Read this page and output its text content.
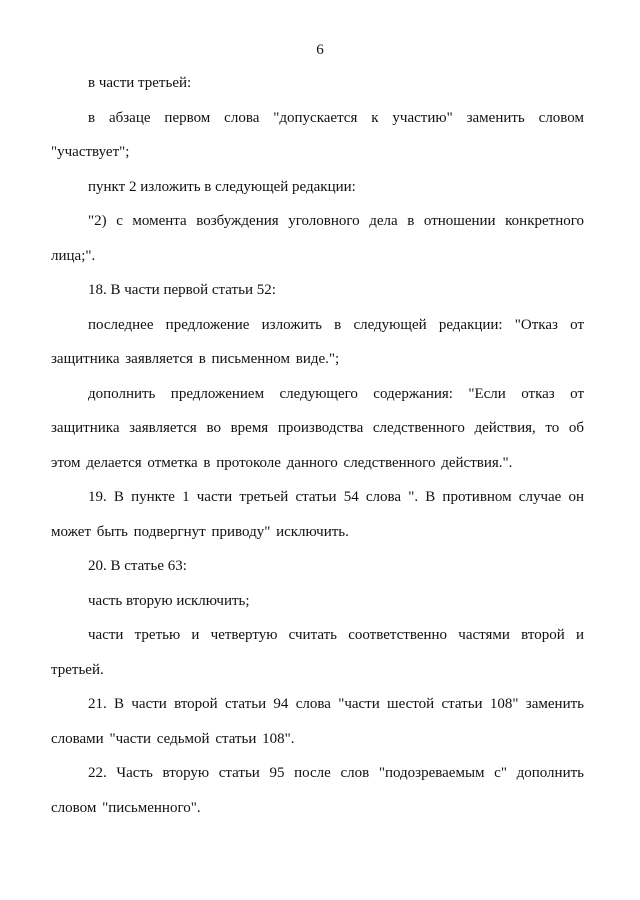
6

в части третьей:

в абзаце первом слова "допускается к участию" заменить словом "участвует";

пункт 2 изложить в следующей редакции:

"2) с момента возбуждения уголовного дела в отношении конкретного лица;".

18. В части первой статьи 52:

последнее предложение изложить в следующей редакции: "Отказ от защитника заявляется в письменном виде.";

дополнить предложением следующего содержания: "Если отказ от защитника заявляется во время производства следственного действия, то об этом делается отметка в протоколе данного следственного действия.".

19. В пункте 1 части третьей статьи 54 слова ". В противном случае он может быть подвергнут приводу" исключить.

20. В статье 63:

часть вторую исключить;

части третью и четвертую считать соответственно частями второй и третьей.

21. В части второй статьи 94 слова "части шестой статьи 108" заменить словами "части седьмой статьи 108".

22. Часть вторую статьи 95 после слов "подозреваемым с" дополнить словом "письменного".
